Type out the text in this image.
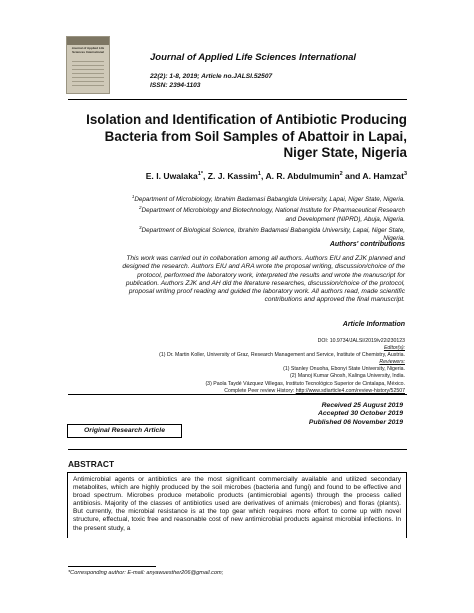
Journal of Applied Life Sciences International
Journal of Applied Life Sciences International
22(2): 1-8, 2019; Article no.JALSI.52507
ISSN: 2394-1103
Isolation and Identification of Antibiotic Producing
Bacteria from Soil Samples of Abattoir in Lapai,
Niger State, Nigeria
E. I. Uwalaka$^{1*}$, Z. J. Kassim$^1$, A. R. Abdulmumin$^2$ and A. Hamzat$^3$
$^1$Department of Microbiology, Ibrahim Badamasi Babangida University, Lapai, Niger State, Nigeria.
$^2$Department of Microbiology and Biotechnology, National Institute for Pharmaceutical Research
and Development (NIPRD), Abuja, Nigeria.
$^3$Department of Biological Science, Ibrahim Badamasi Babangida University, Lapai, Niger State,
Nigeria.
Authors' contributions
This work was carried out in collaboration among all authors. Authors EIU and ZJK planned and
designed the research. Authors EIU and ARA wrote the proposal writing, discussion/choice of the
protocol, performed the laboratory work, interpreted the results and wrote the manuscript for
publication. Authors ZJK and AH did the literature researches, discussion/choice of the protocol,
proposal writing proof reading and guided the laboratory work. All authors read, made scientific
contributions and approved the final manuscript.
Article Information
DOI: 10.9734/JALSI/2019/v22i230123
Editor(s):
(1) Dr. Martin Koller, University of Graz, Research Management and Service, Institute of Chemistry, Austria.
Reviewers:
(1) Stanley Onuoha, Ebonyi State University, Nigeria.
(2) Manoj Kumar Ghosh, Kalinga University, India.
(3) Paola Taydé Vázquez Villegas, Instituto Tecnológico Superior de Cintalapa, México.
Complete Peer review History: http://www.sdiarticle4.com/review-history/52507
Received 25 August 2019
Accepted 30 October 2019
Published 06 November 2019
Original Research Article
ABSTRACT
Antimicrobial agents or antibiotics are the most significant commercially available and utilized secondary metabolites, which are highly produced by the soil microbes (bacteria and fungi) and found to be effective and broad spectrum. Microbes produce metabolic products (antimicrobial agents) through the process called antibiosis. Majority of the classes of antibiotics used are derivatives of animals (microbes) and floras (plants). But currently, the microbial resistance is at the top gear which requires more effort to come up with novel structure, effectual, toxic free and reasonable cost of new antimicrobial products against microbial infections. In the present study, a
*Corresponding author: E-mail: anyawuesther206@gmail.com;
